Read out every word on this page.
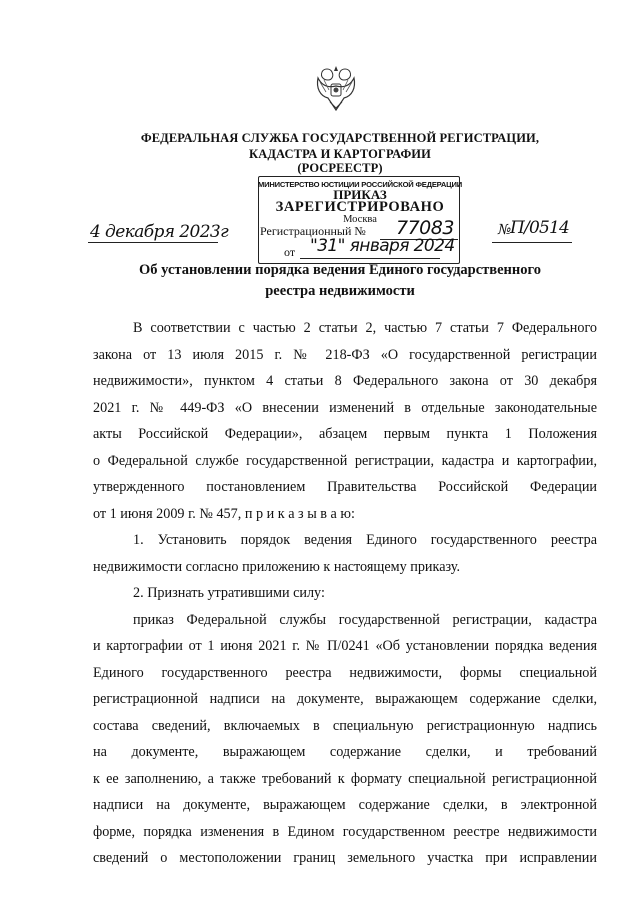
ФЕДЕРАЛЬНАЯ СЛУЖБА ГОСУДАРСТВЕННОЙ РЕГИСТРАЦИИ,
КАДАСТРА И КАРТОГРАФИИ
(РОСРЕЕСТР)
МИНИСТЕРСТВО ЮСТИЦИИ РОССИЙСКОЙ ФЕДЕРАЦИИ
ПРИКАЗ
ЗАРЕГИСТРИРОВАНО
Москва
Регистрационный № 77083
от "31" января 2024
4 декабря 2023г	№
П/0514
Об установлении порядка ведения Единого государственного
реестра недвижимости
В соответствии с частью 2 статьи 2, частью 7 статьи 7 Федерального
закона от 13 июля 2015 г. № 218-ФЗ «О государственной регистрации
недвижимости», пунктом 4 статьи 8 Федерального закона от 30 декабря
2021 г. № 449-ФЗ «О внесении изменений в отдельные законодательные
акты Российской Федерации», абзацем первым пункта 1 Положения
о Федеральной службе государственной регистрации, кадастра и картографии,
утвержденного постановлением Правительства Российской Федерации
от 1 июня 2009 г. № 457, п р и к а з ы в а ю:
1. Установить порядок ведения Единого государственного реестра
недвижимости согласно приложению к настоящему приказу.
2. Признать утратившими силу:
приказ Федеральной службы государственной регистрации, кадастра
и картографии от 1 июня 2021 г. № П/0241 «Об установлении порядка ведения
Единого государственного реестра недвижимости, формы специальной
регистрационной надписи на документе, выражающем содержание сделки,
состава сведений, включаемых в специальную регистрационную надпись
на документе, выражающем содержание сделки, и требований
к ее заполнению, а также требований к формату специальной регистрационной
надписи на документе, выражающем содержание сделки, в электронной
форме, порядка изменения в Едином государственном реестре недвижимости
сведений о местоположении границ земельного участка при исправлении
